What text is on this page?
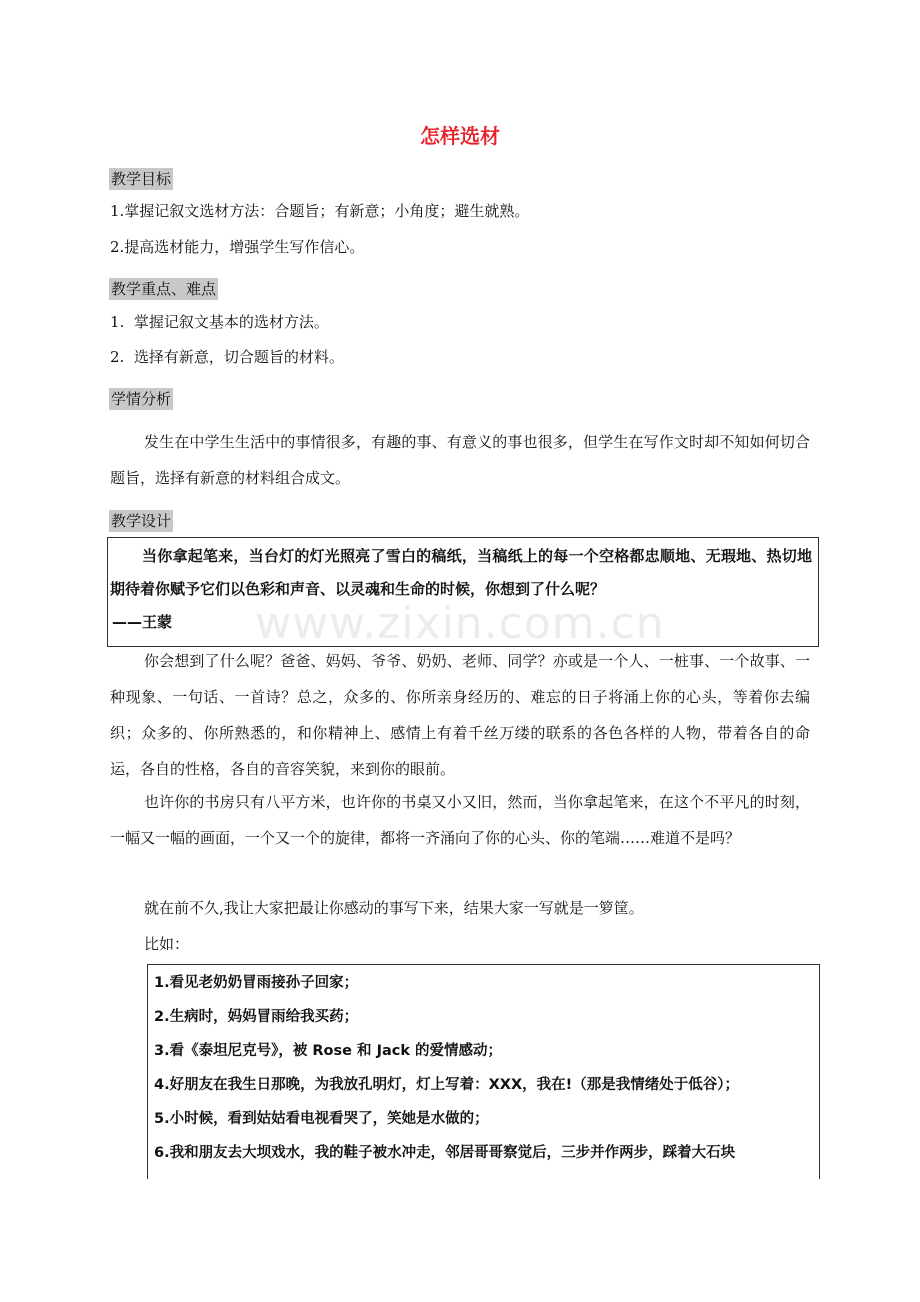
怎样选材
教学目标
1.掌握记叙文选材方法：合题旨；有新意；小角度；避生就熟。
2.提高选材能力，增强学生写作信心。
教学重点、难点
1.  掌握记叙文基本的选材方法。
2.  选择有新意，切合题旨的材料。
学情分析
发生在中学生生活中的事情很多，有趣的事、有意义的事也很多，但学生在写作文时却不知如何切合题旨，选择有新意的材料组合成文。
教学设计
当你拿起笔来，当台灯的灯光照亮了雪白的稿纸，当稿纸上的每一个空格都忠顺地、无瑕地、热切地期待着你赋予它们以色彩和声音、以灵魂和生命的时候，你想到了什么呢？
——王蒙	www.zixin.com.cn
你会想到了什么呢？爸爸、妈妈、爷爷、奶奶、老师、同学？亦或是一个人、一桩事、一个故事、一种现象、一句话、一首诗？总之，众多的、你所亲身经历的、难忘的日子将涌上你的心头，等着你去编织；众多的、你所熟悉的，和你精神上、感情上有着千丝万缕的联系的各色各样的人物，带着各自的命运，各自的性格，各自的音容笑貌，来到你的眼前。
也许你的书房只有八平方米，也许你的书桌又小又旧，然而，当你拿起笔来，在这个不平凡的时刻，一幅又一幅的画面，一个又一个的旋律，都将一齐涌向了你的心头、你的笔端……难道不是吗？
就在前不久,我让大家把最让你感动的事写下来，结果大家一写就是一箩筐。
比如：
1.看见老奶奶冒雨接孙子回家；
2.生病时，妈妈冒雨给我买药；
3.看《泰坦尼克号》，被 Rose 和 Jack 的爱情感动；
4.好朋友在我生日那晚，为我放孔明灯，灯上写着：XXX，我在!（那是我情绪处于低谷）；
5.小时候，看到姑姑看电视看哭了，笑她是水做的；
6.我和朋友去大坝戏水，我的鞋子被水冲走，邻居哥哥察觉后，三步并作两步，踩着大石块
